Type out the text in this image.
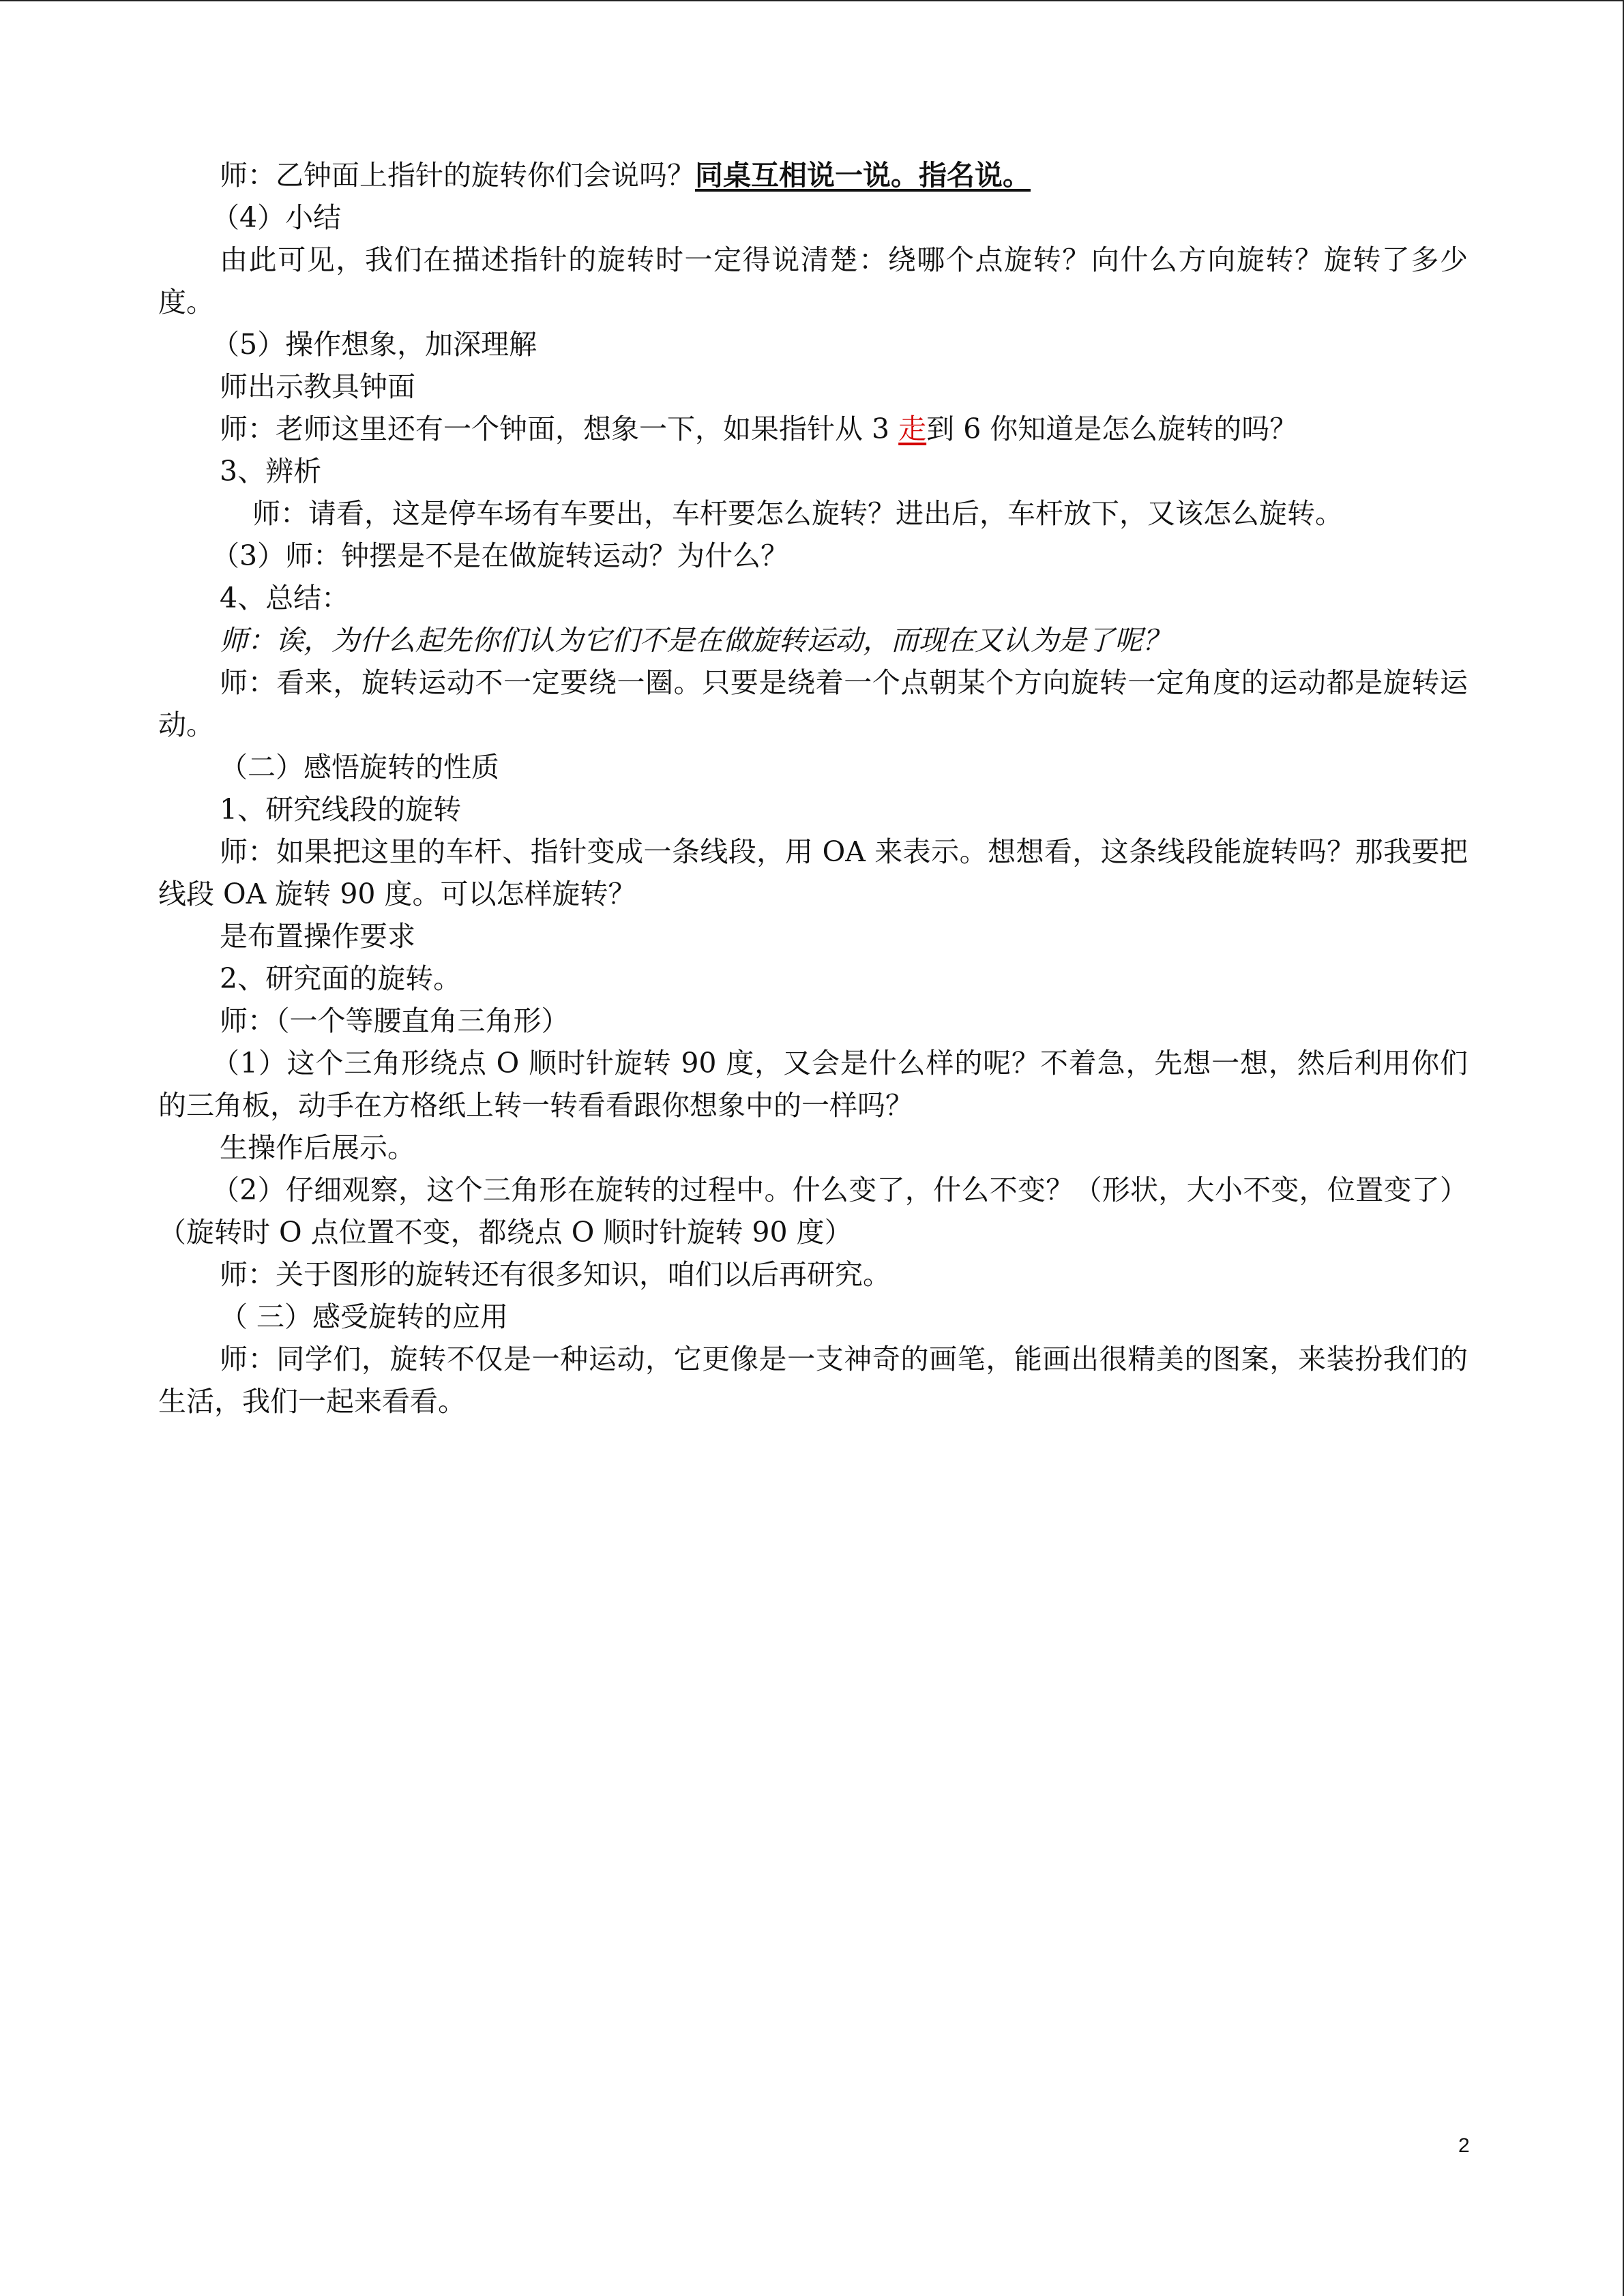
师：乙钟面上指针的旋转你们会说吗？同桌互相说一说。指名说。

（4）小结

由此可见，我们在描述指针的旋转时一定得说清楚：绕哪个点旋转？向什么方向旋转？旋转了多少度。

（5）操作想象，加深理解

师出示教具钟面

师：老师这里还有一个钟面，想象一下，如果指针从 3 走到 6 你知道是怎么旋转的吗？

3、辨析

师：请看，这是停车场有车要出，车杆要怎么旋转？进出后，车杆放下，又该怎么旋转。

（3）师：钟摆是不是在做旋转运动？为什么？

4、总结：

师：诶，为什么起先你们认为它们不是在做旋转运动，而现在又认为是了呢？

师：看来，旋转运动不一定要绕一圈。只要是绕着一个点朝某个方向旋转一定角度的运动都是旋转运动。

（二）感悟旋转的性质

1、研究线段的旋转

师：如果把这里的车杆、指针变成一条线段，用 OA 来表示。想想看，这条线段能旋转吗？那我要把线段 OA 旋转 90 度。可以怎样旋转？

是布置操作要求

2、研究面的旋转。

师：（一个等腰直角三角形）

（1）这个三角形绕点 O 顺时针旋转 90 度，又会是什么样的呢？不着急，先想一想，然后利用你们的三角板，动手在方格纸上转一转看看跟你想象中的一样吗？

生操作后展示。

（2）仔细观察，这个三角形在旋转的过程中。什么变了，什么不变？（形状，大小不变，位置变了）（旋转时 O 点位置不变，都绕点 O 顺时针旋转 90 度）

师：关于图形的旋转还有很多知识，咱们以后再研究。

（ 三）感受旋转的应用

师：同学们，旋转不仅是一种运动，它更像是一支神奇的画笔，能画出很精美的图案，来装扮我们的生活，我们一起来看看。

2
